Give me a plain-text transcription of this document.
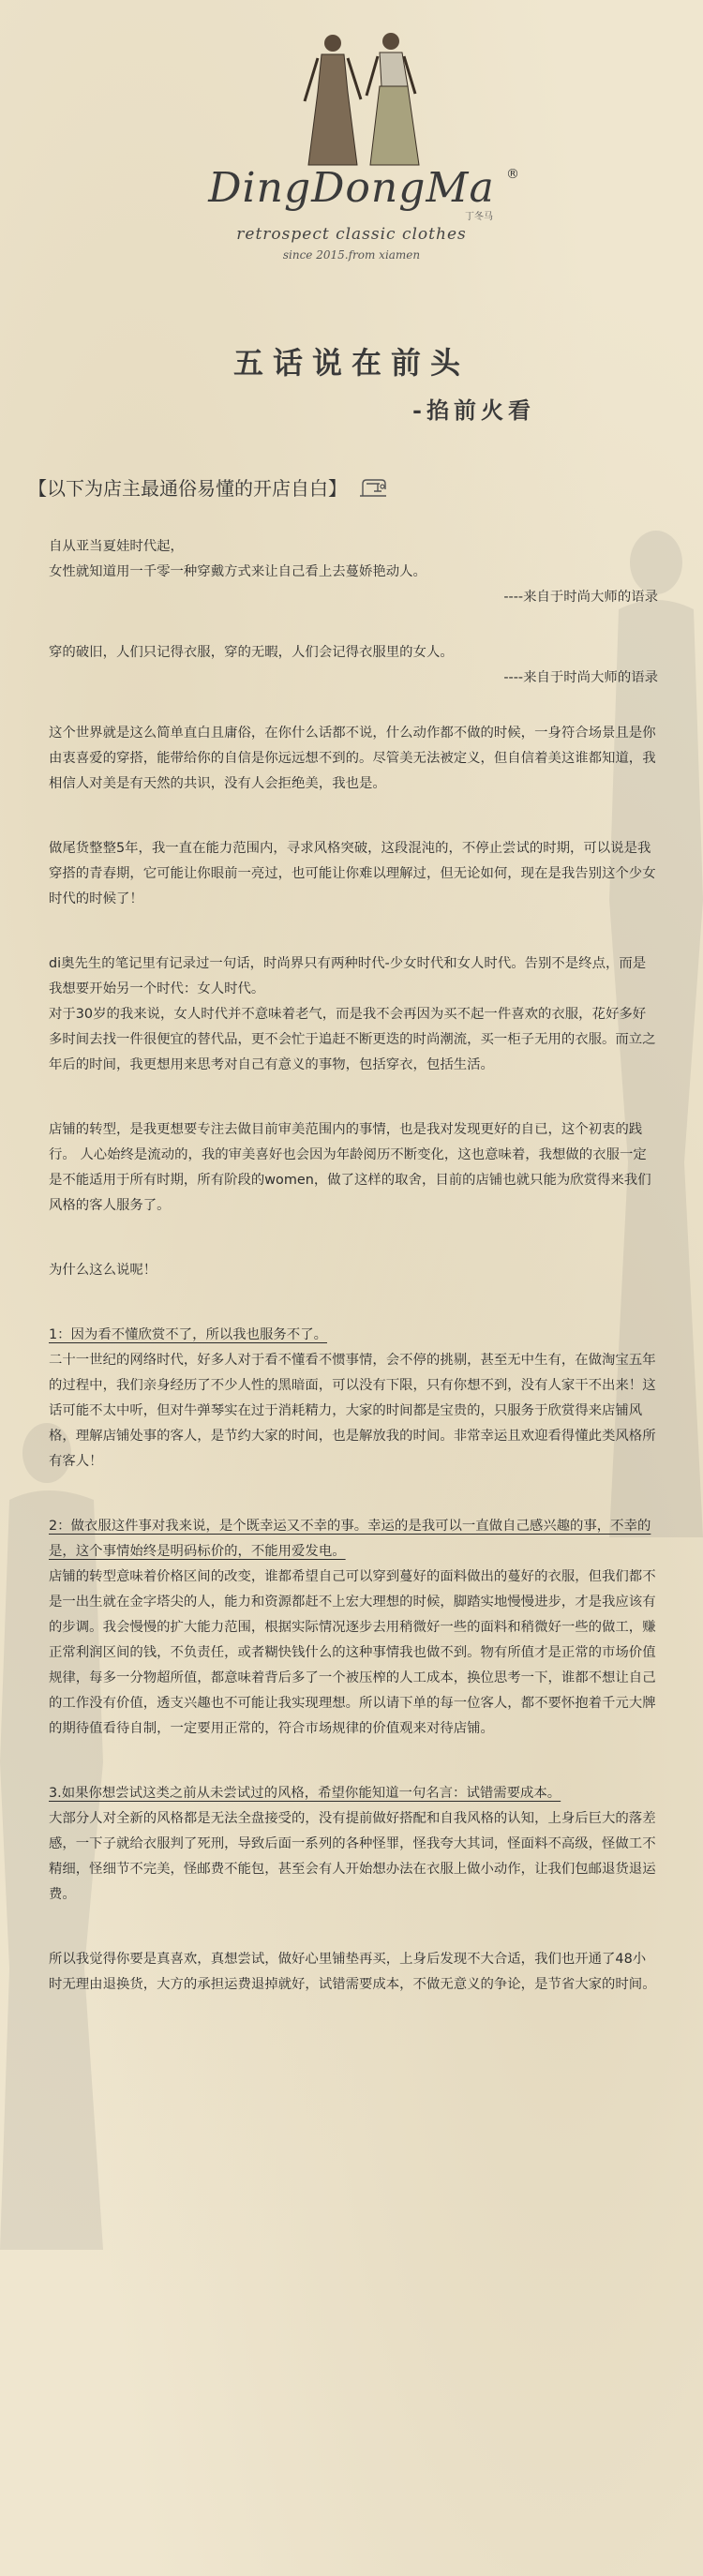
DingDongMa ®
丁冬马
retrospect classic clothes
since 2015.from xiamen
五话说在前头
-掐前火看
【以下为店主最通俗易懂的开店自白】

自从亚当夏娃时代起，

女性就知道用一千零一种穿戴方式来让自己看上去蔓娇艳动人。

----来自于时尚大师的语录

穿的破旧，人们只记得衣服，穿的无暇，人们会记得衣服里的女人。

----来自于时尚大师的语录

这个世界就是这么简单直白且庸俗，在你什么话都不说，什么动作都不做的时候，一身符合场景且是你由衷喜爱的穿搭，能带给你的自信是你远远想不到的。尽管美无法被定义，但自信着美这谁都知道，我相信人对美是有天然的共识，没有人会拒绝美，我也是。

做尾货整整5年，我一直在能力范围内，寻求风格突破，这段混沌的，不停止尝试的时期，可以说是我穿搭的青春期，它可能让你眼前一亮过，也可能让你难以理解过，但无论如何，现在是我告别这个少女时代的时候了！

di奥先生的笔记里有记录过一句话，时尚界只有两种时代-少女时代和女人时代。告别不是终点，而是我想要开始另一个时代：女人时代。

对于30岁的我来说，女人时代并不意味着老气，而是我不会再因为买不起一件喜欢的衣服，花好多好多时间去找一件很便宜的替代品，更不会忙于追赶不断更迭的时尚潮流，买一柜子无用的衣服。而立之年后的时间，我更想用来思考对自己有意义的事物，包括穿衣，包括生活。

店铺的转型，是我更想要专注去做目前审美范围内的事情，也是我对发现更好的自已，这个初衷的践行。 人心始终是流动的，我的审美喜好也会因为年龄阅历不断变化，这也意味着，我想做的衣服一定是不能适用于所有时期，所有阶段的women，做了这样的取舍，目前的店铺也就只能为欣赏得来我们风格的客人服务了。

为什么这么说呢！

1：因为看不懂欣赏不了，所以我也服务不了。

二十一世纪的网络时代，好多人对于看不懂看不惯事情，会不停的挑剔，甚至无中生有，在做淘宝五年的过程中，我们亲身经历了不少人性的黑暗面，可以没有下限，只有你想不到，没有人家干不出来！这话可能不太中听，但对牛弹琴实在过于消耗精力，大家的时间都是宝贵的，只服务于欣赏得来店铺风格，理解店铺处事的客人，是节约大家的时间，也是解放我的时间。非常幸运且欢迎看得懂此类风格所有客人！

2：做衣服这件事对我来说，是个既幸运又不幸的事。幸运的是我可以一直做自己感兴趣的事，不幸的是，这个事情始终是明码标价的，不能用爱发电。

店铺的转型意味着价格区间的改变，谁都希望自己可以穿到蔓好的面料做出的蔓好的衣服，但我们都不是一出生就在金字塔尖的人，能力和资源都赶不上宏大理想的时候，脚踏实地慢慢进步，才是我应该有的步调。我会慢慢的扩大能力范围，根据实际情况逐步去用稍微好一些的面料和稍微好一些的做工，赚正常利润区间的钱，不负责任，或者糊快钱什么的这种事情我也做不到。物有所值才是正常的市场价值规律，每多一分物超所值，都意味着背后多了一个被压榨的人工成本，换位思考一下，谁都不想让自己的工作没有价值，透支兴趣也不可能让我实现理想。所以请下单的每一位客人，都不要怀抱着千元大牌的期待值看待自制，一定要用正常的，符合市场规律的价值观来对待店铺。

3.如果你想尝试这类之前从未尝试过的风格，希望你能知道一句名言：试错需要成本。

大部分人对全新的风格都是无法全盘接受的，没有提前做好搭配和自我风格的认知，上身后巨大的落差感，一下子就给衣服判了死刑，导致后面一系列的各种怪罪，怪我夸大其词，怪面料不高级，怪做工不精细，怪细节不完美，怪邮费不能包，甚至会有人开始想办法在衣服上做小动作，让我们包邮退货退运费。

所以我觉得你要是真喜欢，真想尝试，做好心里铺垫再买，上身后发现不大合适，我们也开通了48小时无理由退换货，大方的承担运费退掉就好，试错需要成本，不做无意义的争论，是节省大家的时间。
